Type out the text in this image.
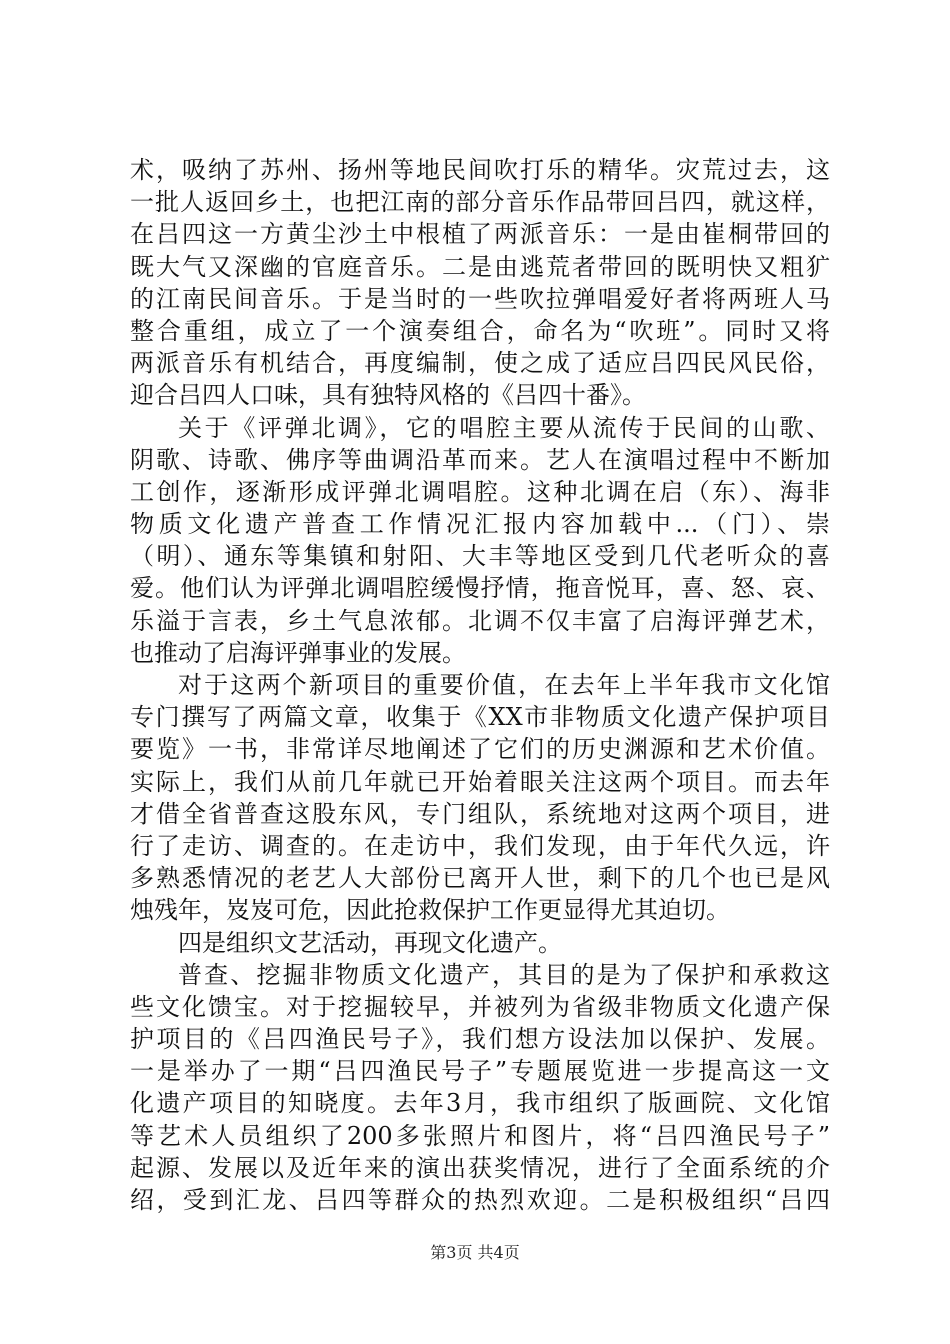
术，吸纳了苏州、扬州等地民间吹打乐的精华。灾荒过去，这
一批人返回乡土，也把江南的部分音乐作品带回吕四，就这样，
在吕四这一方黄尘沙土中根植了两派音乐：一是由崔桐带回的
既大气又深幽的官庭音乐。二是由逃荒者带回的既明快又粗犷
的江南民间音乐。于是当时的一些吹拉弹唱爱好者将两班人马
整合重组，成立了一个演奏组合，命名为“吹班”。同时又将
两派音乐有机结合，再度编制，使之成了适应吕四民风民俗，
迎合吕四人口味，具有独特风格的《吕四十番》。
关于《评弹北调》，它的唱腔主要从流传于民间的山歌、
阴歌、诗歌、佛序等曲调沿革而来。艺人在演唱过程中不断加
工创作，逐渐形成评弹北调唱腔。这种北调在启（东）、海非
物质文化遗产普查工作情况汇报内容加载中...（门）、崇
（明）、通东等集镇和射阳、大丰等地区受到几代老听众的喜
爱。他们认为评弹北调唱腔缓慢抒情，拖音悦耳，喜、怒、哀、
乐溢于言表，乡土气息浓郁。北调不仅丰富了启海评弹艺术，
也推动了启海评弹事业的发展。
对于这两个新项目的重要价值，在去年上半年我市文化馆
专门撰写了两篇文章，收集于《XX市非物质文化遗产保护项目
要览》一书，非常详尽地阐述了它们的历史渊源和艺术价值。
实际上，我们从前几年就已开始着眼关注这两个项目。而去年
才借全省普查这股东风，专门组队，系统地对这两个项目，进
行了走访、调查的。在走访中，我们发现，由于年代久远，许
多熟悉情况的老艺人大部份已离开人世，剩下的几个也已是风
烛残年，岌岌可危，因此抢救保护工作更显得尤其迫切。
四是组织文艺活动，再现文化遗产。
普查、挖掘非物质文化遗产，其目的是为了保护和承救这
些文化馈宝。对于挖掘较早，并被列为省级非物质文化遗产保
护项目的《吕四渔民号子》，我们想方设法加以保护、发展。
一是举办了一期“吕四渔民号子”专题展览进一步提高这一文
化遗产项目的知晓度。去年3月，我市组织了版画院、文化馆
等艺术人员组织了200多张照片和图片，将“吕四渔民号子”
起源、发展以及近年来的演出获奖情况，进行了全面系统的介
绍，受到汇龙、吕四等群众的热烈欢迎。二是积极组织“吕四
第3页 共4页
